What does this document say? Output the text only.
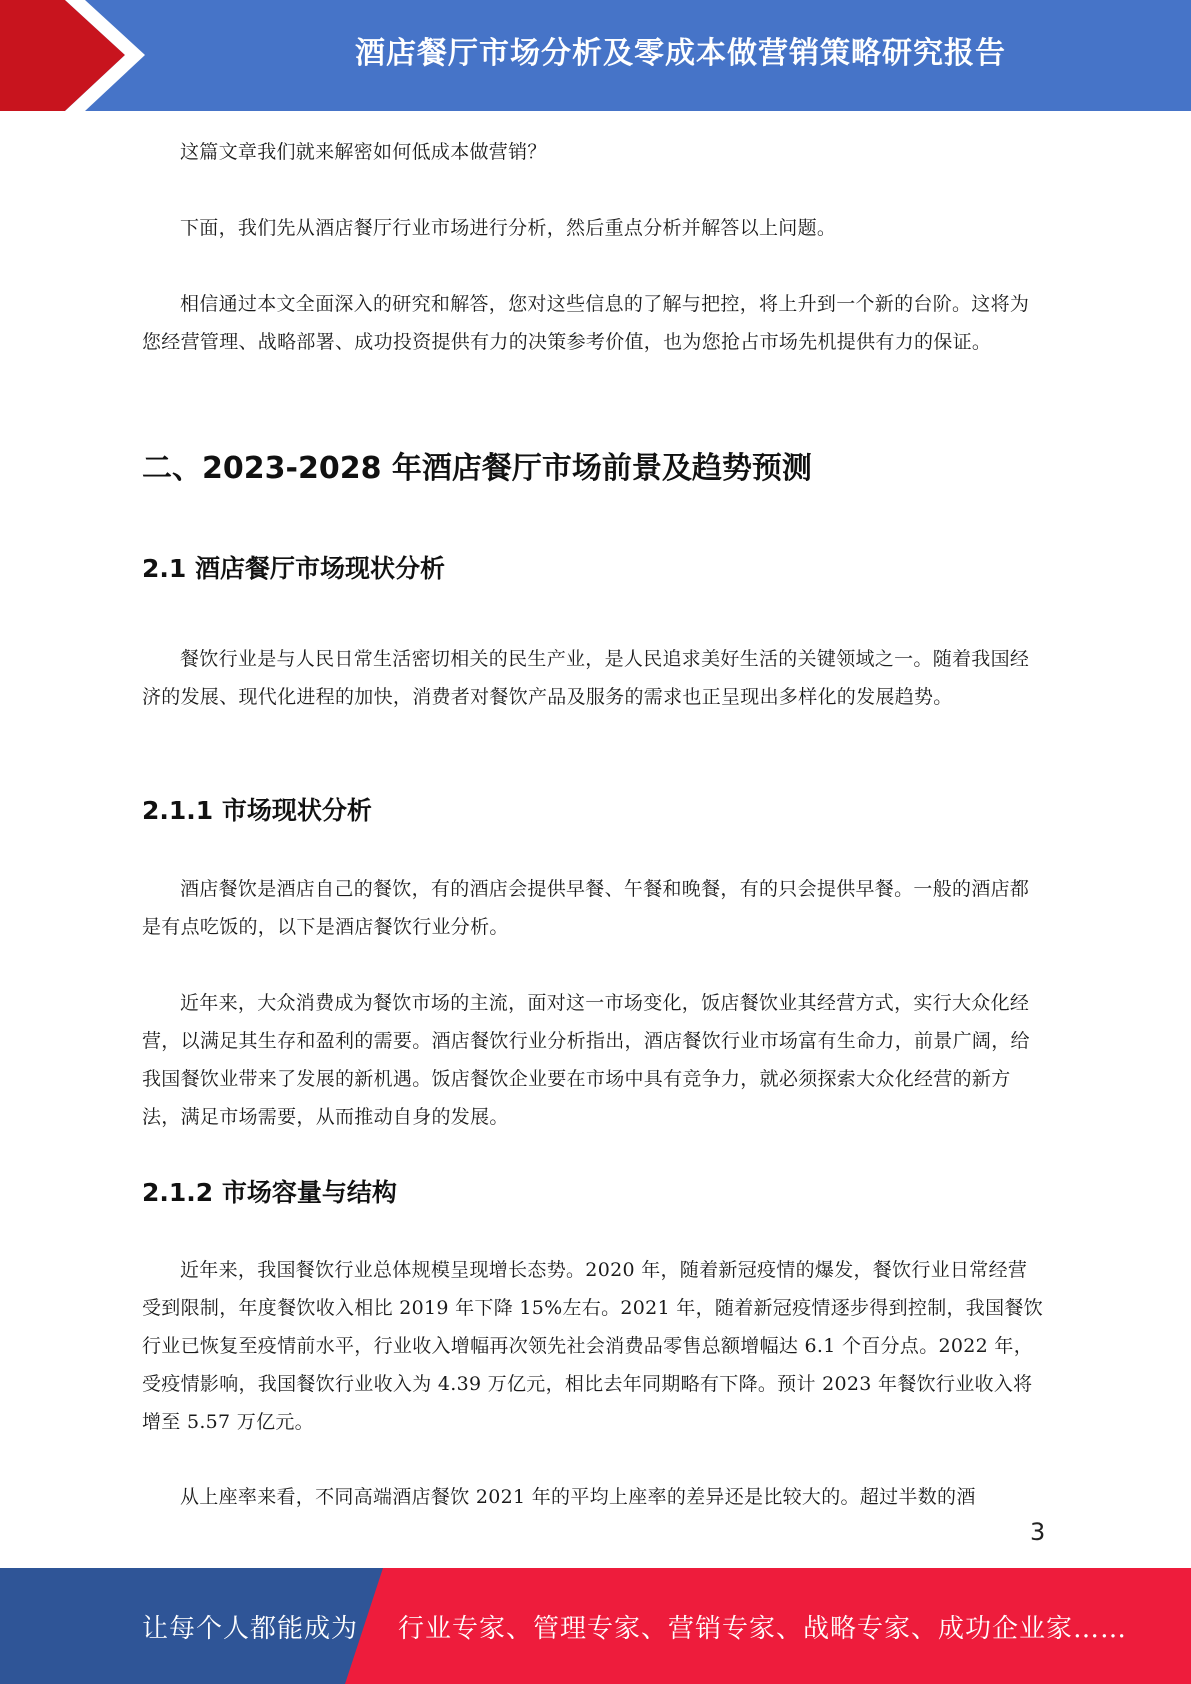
酒店餐厅市场分析及零成本做营销策略研究报告

这篇文章我们就来解密如何低成本做营销？

下面，我们先从酒店餐厅行业市场进行分析，然后重点分析并解答以上问题。

相信通过本文全面深入的研究和解答，您对这些信息的了解与把控，将上升到一个新的台阶。这将为您经营管理、战略部署、成功投资提供有力的决策参考价值，也为您抢占市场先机提供有力的保证。

二、2023-2028 年酒店餐厅市场前景及趋势预测
2.1 酒店餐厅市场现状分析

餐饮行业是与人民日常生活密切相关的民生产业，是人民追求美好生活的关键领域之一。随着我国经济的发展、现代化进程的加快，消费者对餐饮产品及服务的需求也正呈现出多样化的发展趋势。

2.1.1 市场现状分析

酒店餐饮是酒店自己的餐饮，有的酒店会提供早餐、午餐和晚餐，有的只会提供早餐。一般的酒店都是有点吃饭的，以下是酒店餐饮行业分析。

近年来，大众消费成为餐饮市场的主流，面对这一市场变化，饭店餐饮业其经营方式，实行大众化经营，以满足其生存和盈利的需要。酒店餐饮行业分析指出，酒店餐饮行业市场富有生命力，前景广阔，给我国餐饮业带来了发展的新机遇。饭店餐饮企业要在市场中具有竞争力，就必须探索大众化经营的新方法，满足市场需要，从而推动自身的发展。

2.1.2 市场容量与结构

近年来，我国餐饮行业总体规模呈现增长态势。2020 年，随着新冠疫情的爆发，餐饮行业日常经营受到限制，年度餐饮收入相比 2019 年下降 15%左右。2021 年，随着新冠疫情逐步得到控制，我国餐饮行业已恢复至疫情前水平，行业收入增幅再次领先社会消费品零售总额增幅达 6.1 个百分点。2022 年，受疫情影响，我国餐饮行业收入为 4.39 万亿元，相比去年同期略有下降。预计 2023 年餐饮行业收入将增至 5.57 万亿元。

从上座率来看，不同高端酒店餐饮 2021 年的平均上座率的差异还是比较大的。超过半数的酒

3
让每个人都能成为 行业专家、管理专家、营销专家、战略专家、成功企业家……
